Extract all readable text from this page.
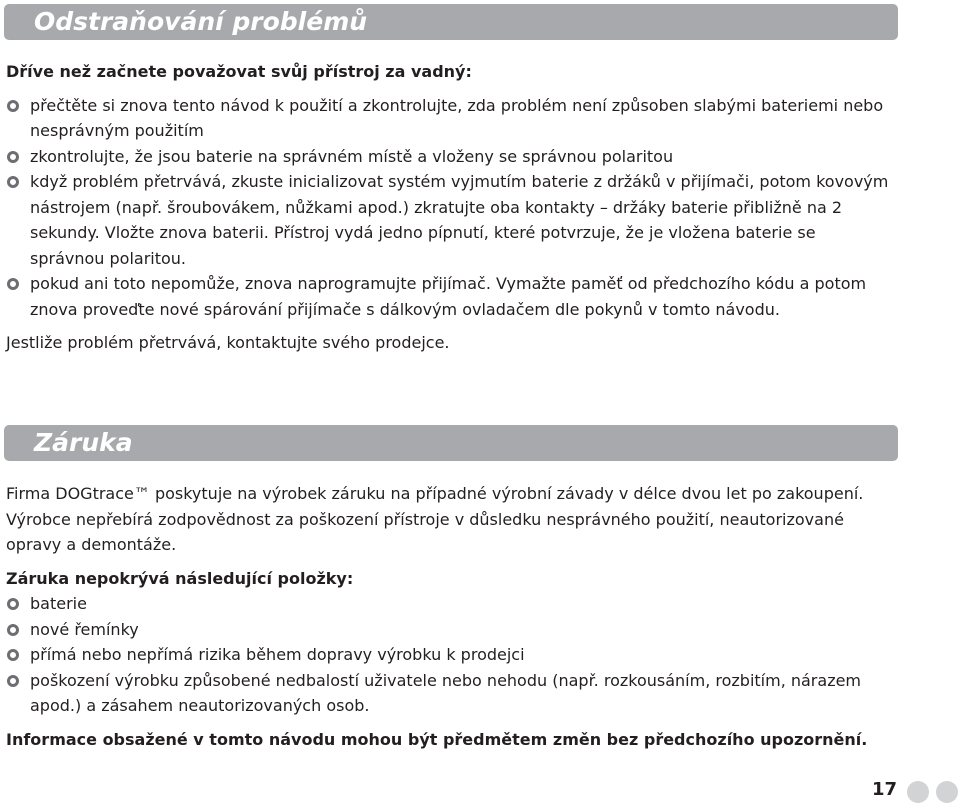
Odstraňování problémů

Dříve než začnete považovat svůj přístroj za vadný:

přečtěte si znova tento návod k použití a zkontrolujte, zda problém není způsoben slabými bateriemi nebo nesprávným použitím
zkontrolujte, že jsou baterie na správném místě a vloženy se správnou polaritou
když problém přetrvává, zkuste inicializovat systém vyjmutím baterie z držáků v přijímači, potom kovovým nástrojem (např. šroubovákem, nůžkami apod.) zkratujte oba kontakty – držáky baterie přibližně na 2 sekundy. Vložte znova baterii. Přístroj vydá jedno pípnutí, které potvrzuje, že je vložena baterie se správnou polaritou.
pokud ani toto nepomůže, znova naprogramujte přijímač. Vymažte paměť od předchozího kódu a potom znova proveďte nové spárování přijímače s dálkovým ovladačem dle pokynů v tomto návodu.

Jestliže problém přetrvává, kontaktujte svého prodejce.

Záruka

Firma DOGtrace™ poskytuje na výrobek záruku na případné výrobní závady v délce dvou let po zakoupení. Výrobce nepřebírá zodpovědnost za poškození přístroje v důsledku nesprávného použití, neautorizované opravy a demontáže.

Záruka nepokrývá následující položky:

baterie
nové řemínky
přímá nebo nepřímá rizika během dopravy výrobku k prodejci
poškození výrobku způsobené nedbalostí uživatele nebo nehodu (např. rozkousáním, rozbitím, nárazem apod.) a zásahem neautorizovaných osob.

Informace obsažené v tomto návodu mohou být předmětem změn bez předchozího upozornění.

17
